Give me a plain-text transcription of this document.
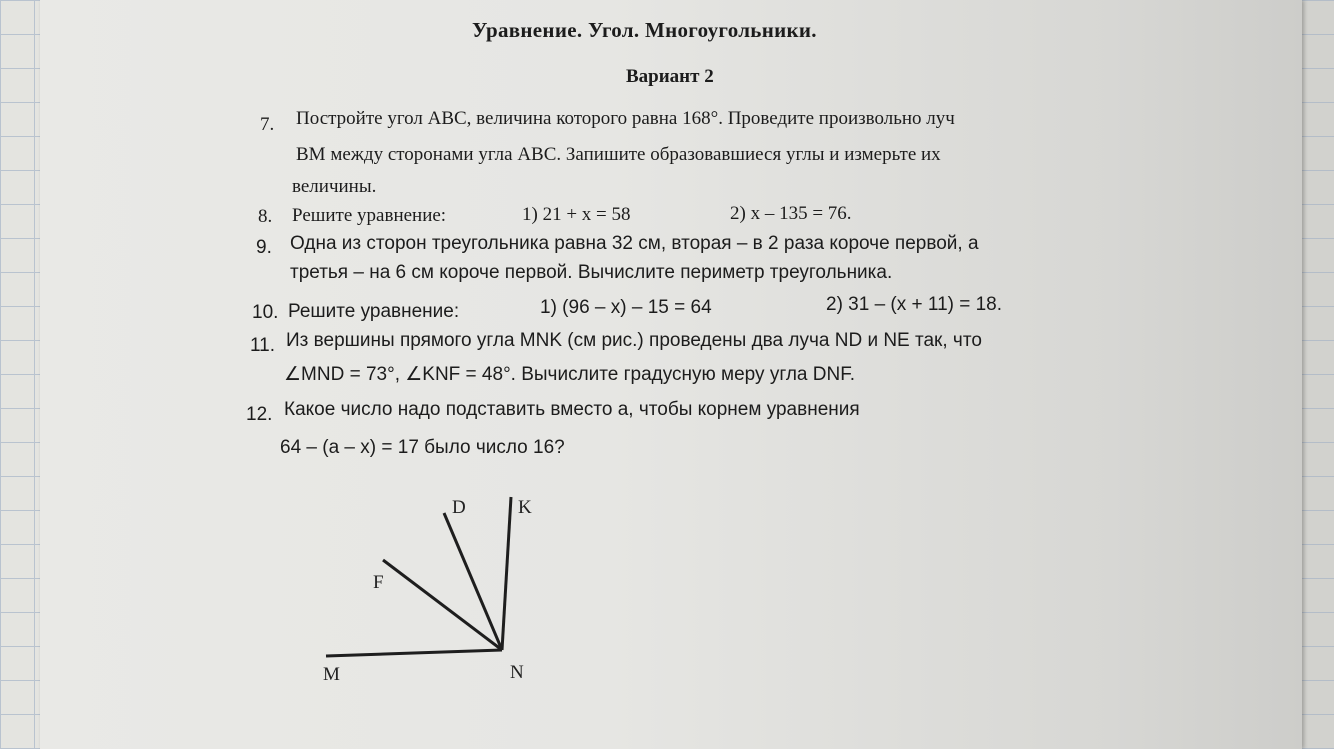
Уравнение. Угол. Многоугольники.
Вариант 2
7. Постройте угол АВС, величина которого равна 168°. Проведите произвольно луч
ВМ между сторонами угла АВС. Запишите образовавшиеся углы и измерьте их
величины.
8. Решите уравнение:	1) 21 + x = 58	2) x – 135 = 76.
9. Одна из сторон треугольника равна 32 см, вторая – в 2 раза короче первой, а
третья – на 6 см короче первой. Вычислите периметр треугольника.
10. Решите уравнение:	1) (96 – x) – 15 = 64	2) 31 – (x + 11) = 18.
11. Из вершины прямого угла MNK (см рис.) проведены два луча ND и NE так, что
∠MND = 73°, ∠KNF = 48°. Вычислите градусную меру угла DNF.
12. Какое число надо подставить вместо a, чтобы корнем уравнения
64 – (a – x) = 17 было число 16?
D	K
F
M	N
